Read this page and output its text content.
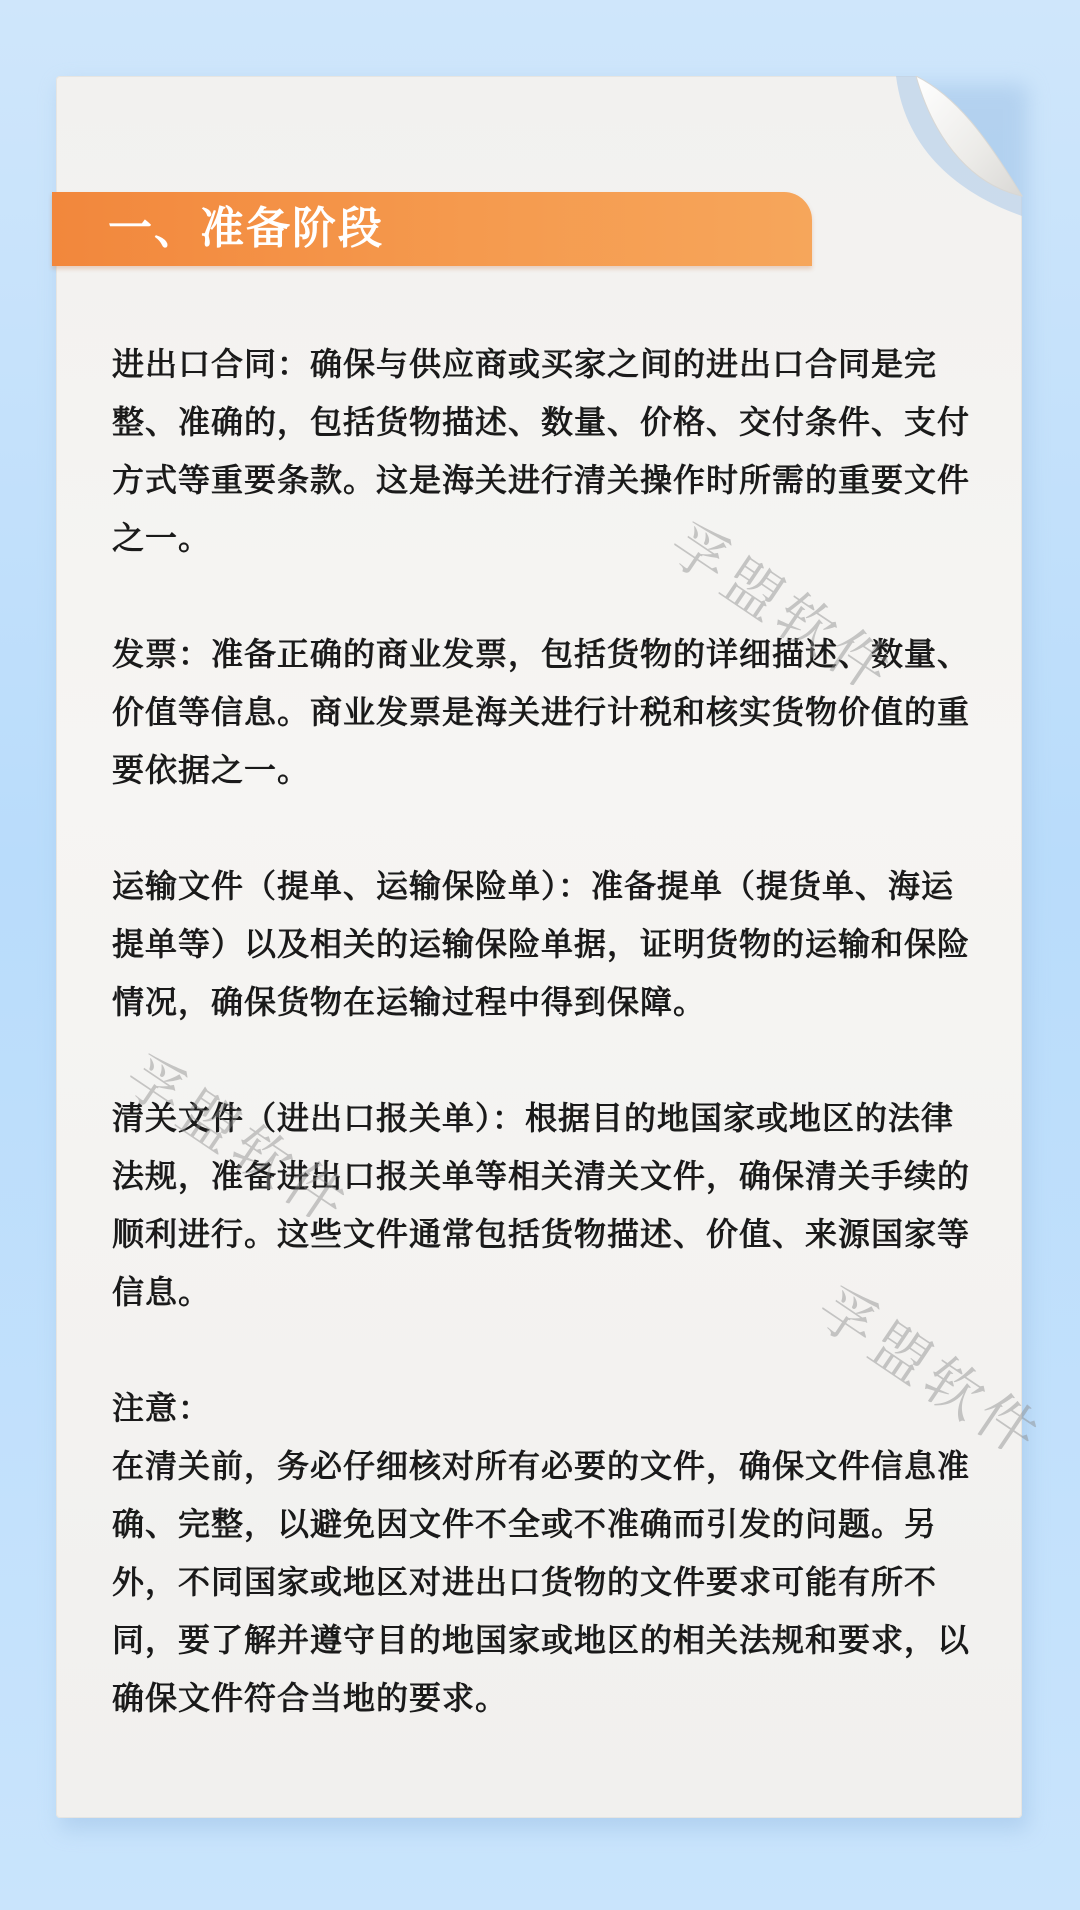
一、准备阶段

进出口合同：确保与供应商或买家之间的进出口合同是完整、准确的，包括货物描述、数量、价格、交付条件、支付方式等重要条款。这是海关进行清关操作时所需的重要文件之一。

发票：准备正确的商业发票，包括货物的详细描述、数量、价值等信息。商业发票是海关进行计税和核实货物价值的重要依据之一。

运输文件（提单、运输保险单）：准备提单（提货单、海运提单等）以及相关的运输保险单据，证明货物的运输和保险情况，确保货物在运输过程中得到保障。

清关文件（进出口报关单）：根据目的地国家或地区的法律法规，准备进出口报关单等相关清关文件，确保清关手续的顺利进行。这些文件通常包括货物描述、价值、来源国家等信息。

注意：

在清关前，务必仔细核对所有必要的文件，确保文件信息准确、完整，以避免因文件不全或不准确而引发的问题。另外，不同国家或地区对进出口货物的文件要求可能有所不同，要了解并遵守目的地国家或地区的相关法规和要求，以确保文件符合当地的要求。

孚盟软件
孚盟软件
孚盟软件
